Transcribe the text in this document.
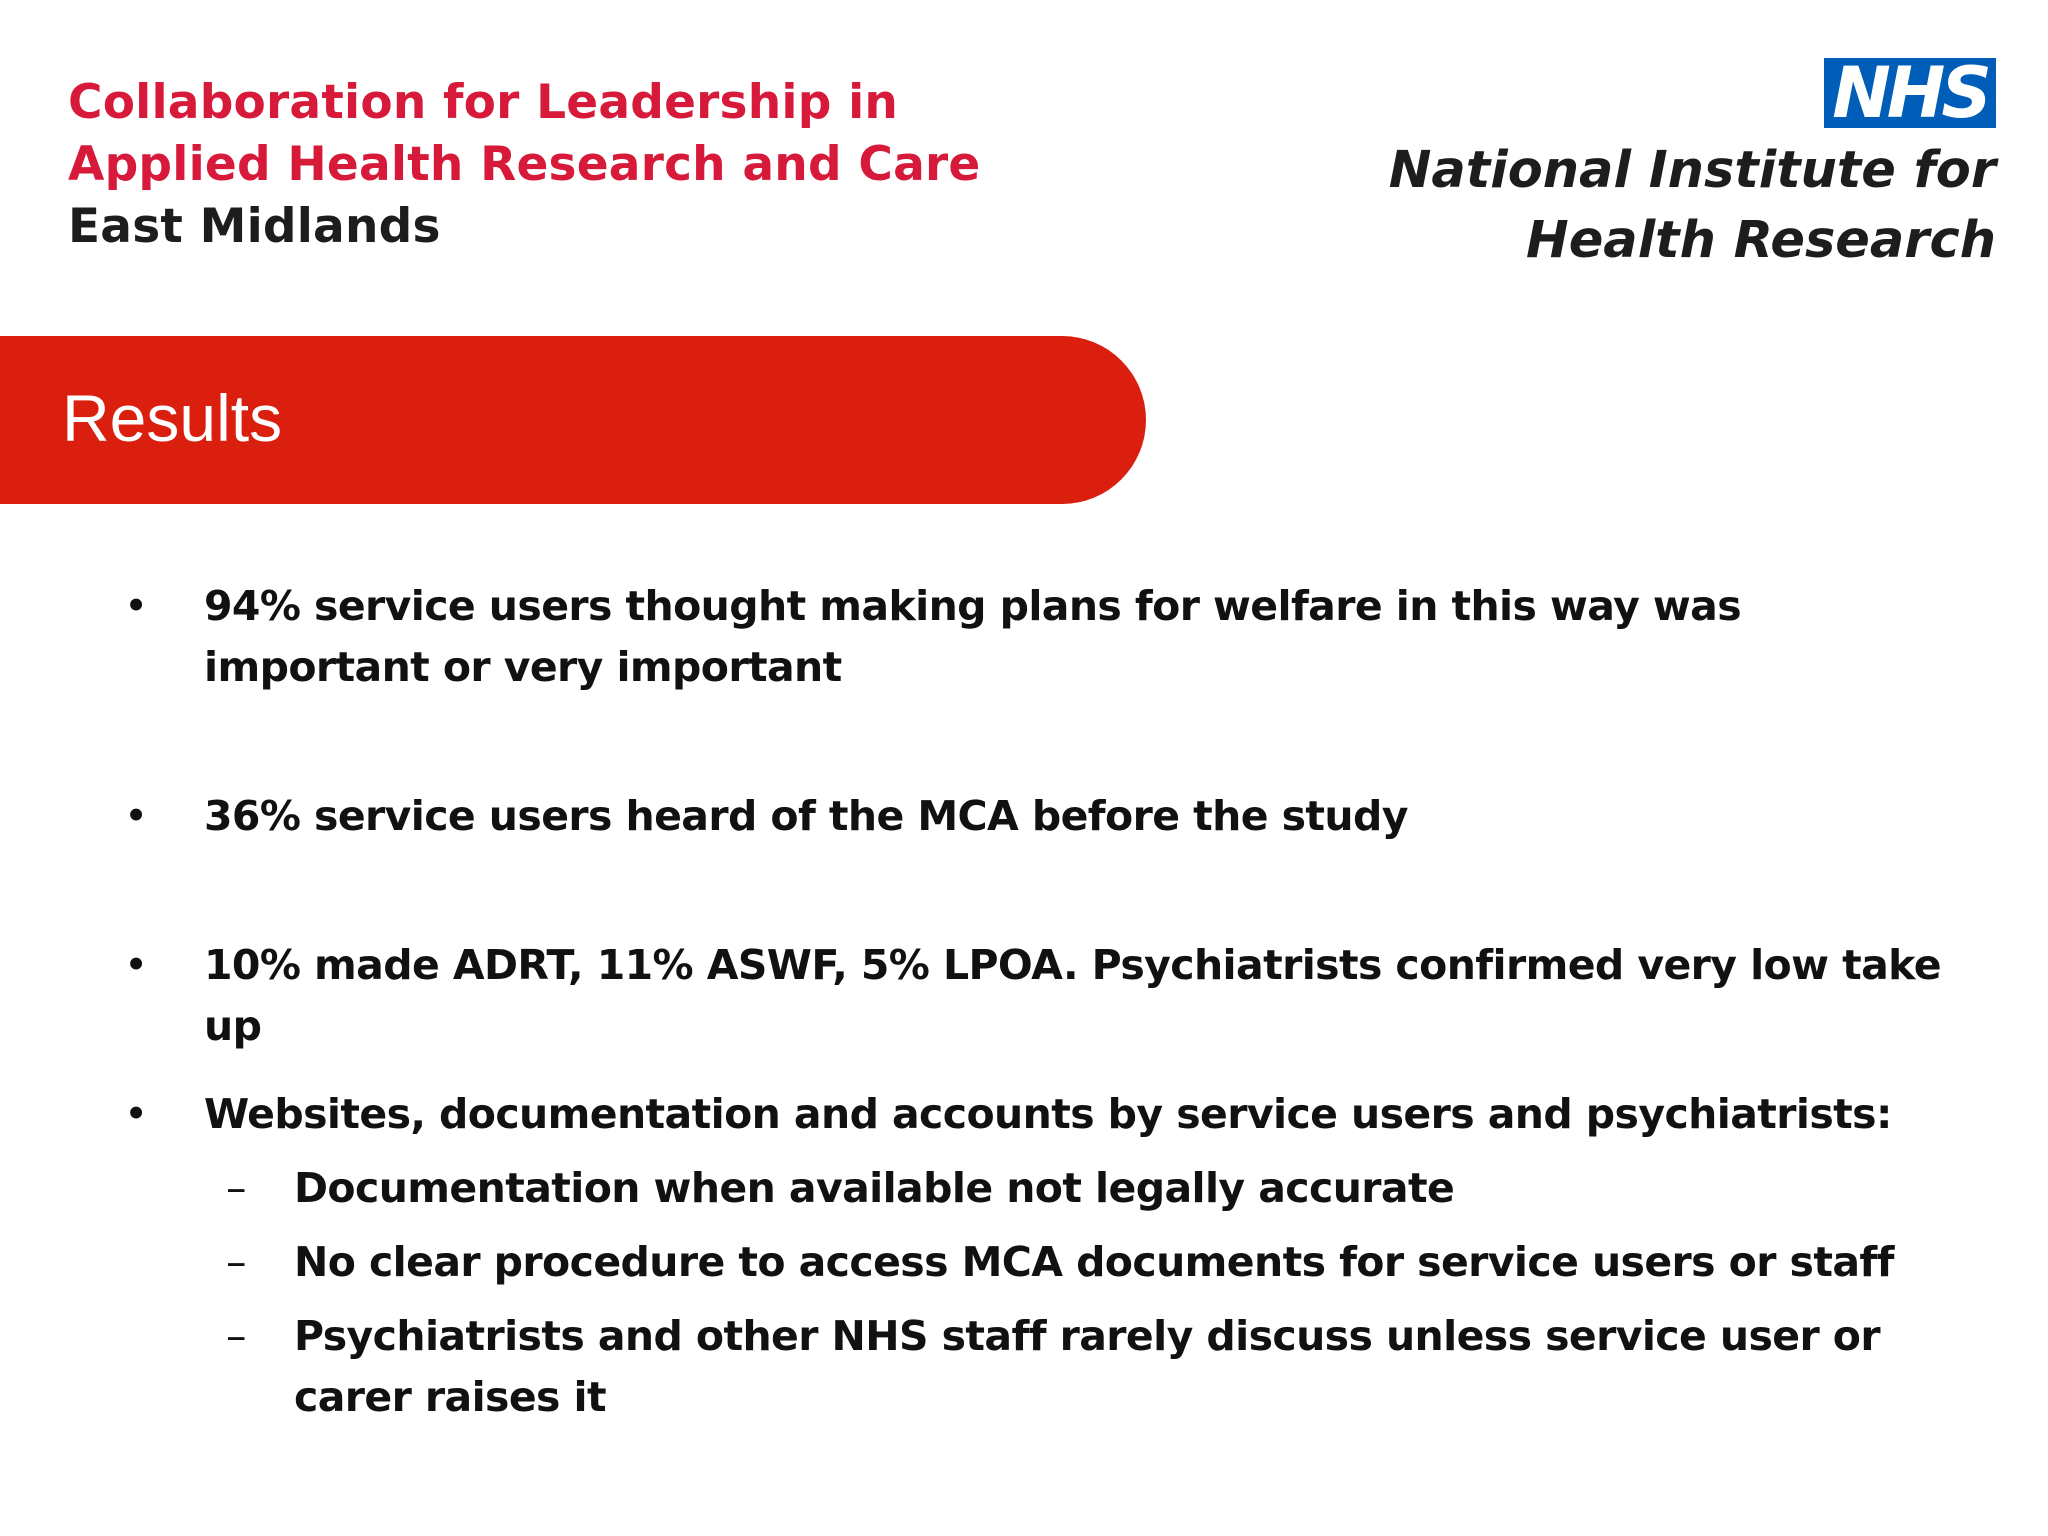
Collaboration for Leadership in
Applied Health Research and Care
East Midlands
NHS
National Institute for
Health Research
Results
• 94% service users thought making plans for welfare in this way was important or very important
• 36% service users heard of the MCA before the study
• 10% made ADRT, 11% ASWF, 5% LPOA. Psychiatrists confirmed very low take up
• Websites, documentation and accounts by service users and psychiatrists:
– Documentation when available not legally accurate
– No clear procedure to access MCA documents for service users or staff
– Psychiatrists and other NHS staff rarely discuss unless service user or carer raises it
